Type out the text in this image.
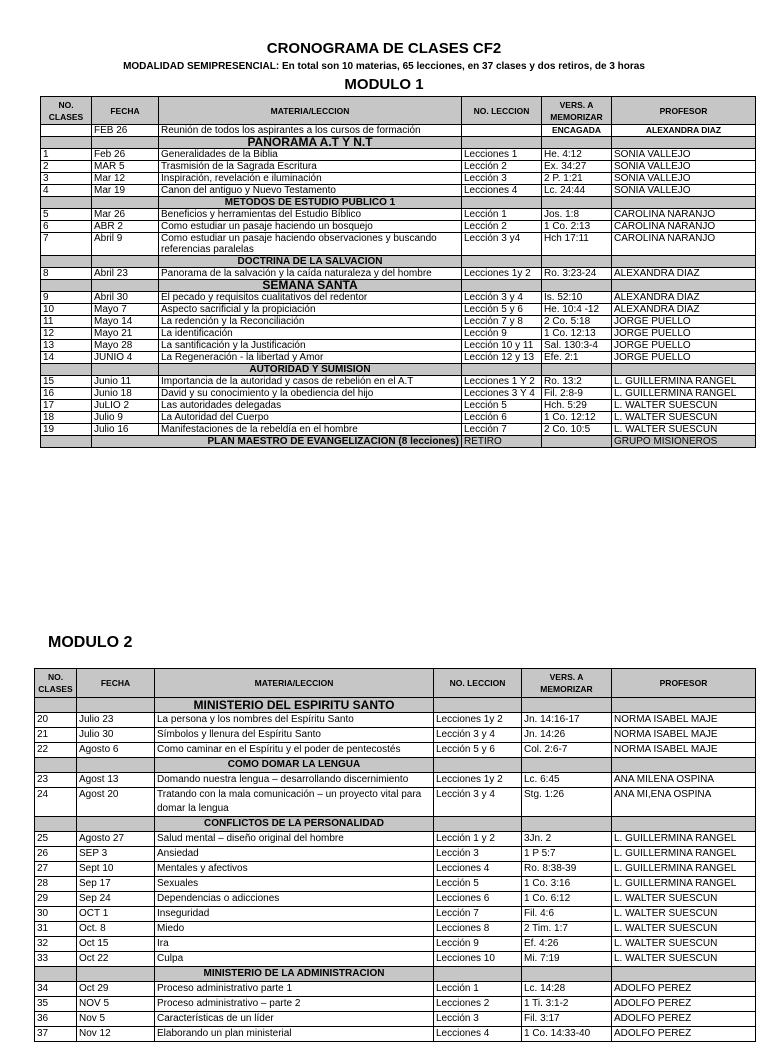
CRONOGRAMA DE CLASES CF2
MODALIDAD SEMIPRESENCIAL: En total son 10 materias, 65 lecciones, en 37 clases y dos retiros, de 3 horas
MODULO 1
NO. CLASES	FECHA	MATERIA/LECCION	NO. LECCION	VERS. A MEMORIZAR	PROFESOR
	FEB 26	Reunión de todos los aspirantes a los cursos de formación		ENCAGADA	ALEXANDRA DIAZ
		PANORAMA A.T Y N.T			
1	Feb 26	Generalidades de la Biblia	Lecciones 1	He. 4:12	SONIA VALLEJO
2	MAR 5	Trasmisión de la Sagrada Escritura	Lección 2	Ex. 34:27	SONIA VALLEJO
3	Mar 12	Inspiración, revelación e iluminación	Lección 3	2 P. 1:21	SONIA VALLEJO
4	Mar 19	Canon del antiguo y Nuevo Testamento	Lecciones 4	Lc. 24:44	SONIA VALLEJO
		METODOS DE ESTUDIO PUBLICO 1			
5	Mar 26	Beneficios y herramientas del Estudio Bíblico	Lección 1	Jos. 1:8	CAROLINA NARANJO
6	ABR 2	Como estudiar un pasaje haciendo un bosquejo	Lección 2	1 Co. 2:13	CAROLINA NARANJO
7	Abril 9	Como estudiar un pasaje haciendo observaciones y buscando referencias paralelas	Lección 3 y4	Hch 17:11	CAROLINA NARANJO
		DOCTRINA DE LA SALVACION			
8	Abril 23	Panorama de la salvación y la caída naturaleza y del hombre	Lecciones 1y 2	Ro. 3:23-24	ALEXANDRA DIAZ
		SEMANA SANTA			
9	Abril 30	El pecado y requisitos cualitativos del redentor	Lección 3 y 4	Is. 52:10	ALEXANDRA DIAZ
10	Mayo 7	Aspecto sacrificial y la propiciación	Lección 5 y 6	He. 10:4 -12	ALEXANDRA DIAZ
11	Mayo 14	La redención y la Reconciliación	Lección 7 y 8	2 Co. 5:18	JORGE PUELLO
12	Mayo 21	La identificación	Lección 9	1 Co. 12:13	JORGE PUELLO
13	Mayo 28	La santificación y la Justificación	Lección 10 y 11	Sal. 130:3-4	JORGE PUELLO
14	JUNIO 4	La Regeneración - la libertad y Amor	Lección 12 y 13	Efe. 2:1	JORGE PUELLO
		AUTORIDAD Y SUMISION			
15	Junio 11	Importancia de la autoridad y casos de rebelión en el A.T	Lecciones 1 Y 2	Ro. 13:2	L. GUILLERMINA RANGEL
16	Junio 18	David y su conocimiento y la obediencia del hijo	Lecciones 3 Y 4	Fil. 2:8-9	L. GUILLERMINA RANGEL
17	JuLIO 2	Las autoridades delegadas	Lección 5	Hch. 5:29	L. WALTER SUESCUN
18	Julio 9	La Autoridad del Cuerpo	Lección 6	1 Co. 12:12	L. WALTER SUESCUN
19	Julio 16	Manifestaciones de la rebeldía en el hombre	Lección 7	2 Co. 10:5	L. WALTER SUESCUN
	PLAN MAESTRO DE EVANGELIZACION (8 lecciones)		RETIRO		GRUPO MISIONEROS
MODULO 2
NO. CLASES	FECHA	MATERIA/LECCION	NO. LECCION	VERS. A MEMORIZAR	PROFESOR
		MINISTERIO DEL ESPIRITU SANTO			
20	Julio 23	La persona y los nombres del Espíritu Santo	Lecciones 1y 2	Jn. 14:16-17	NORMA ISABEL MAJE
21	Julio 30	Símbolos y llenura del Espíritu Santo	Lección 3 y 4	Jn. 14:26	NORMA ISABEL MAJE
22	Agosto 6	Como caminar en el Espíritu y el poder de pentecostés	Lección 5 y 6	Col. 2:6-7	NORMA ISABEL MAJE
		COMO DOMAR LA LENGUA			
23	Agost 13	Domando nuestra lengua – desarrollando discernimiento	Lecciones 1y 2	Lc. 6:45	ANA MILENA OSPINA
24	Agost 20	Tratando con la mala comunicación – un proyecto vital para domar la lengua	Lección 3 y 4	Stg. 1:26	ANA MI,ENA OSPINA
		CONFLICTOS DE LA PERSONALIDAD			
25	Agosto 27	Salud mental – diseño original del hombre	Lección 1 y 2	3Jn. 2	L. GUILLERMINA RANGEL
26	SEP 3	Ansiedad	Lección 3	1 P 5:7	L. GUILLERMINA RANGEL
27	Sept 10	Mentales y afectivos	Lecciones 4	Ro. 8:38-39	L. GUILLERMINA RANGEL
28	Sep 17	Sexuales	Lección 5	1 Co. 3:16	L. GUILLERMINA RANGEL
29	Sep 24	Dependencias o adicciones	Lecciones 6	1 Co. 6:12	L. WALTER SUESCUN
30	OCT 1	Inseguridad	Lección 7	Fil. 4:6	L. WALTER SUESCUN
31	Oct. 8	Miedo	Lecciones 8	2 Tim. 1:7	L. WALTER SUESCUN
32	Oct 15	Ira	Lección 9	Ef. 4:26	L. WALTER SUESCUN
33	Oct 22	Culpa	Lecciones 10	Mi. 7:19	L. WALTER SUESCUN
		MINISTERIO DE LA ADMINISTRACION			
34	Oct 29	Proceso administrativo parte 1	Lección 1	Lc. 14:28	ADOLFO PEREZ
35	NOV 5	Proceso administrativo – parte 2	Lecciones 2	1 Ti. 3:1-2	ADOLFO PEREZ
36	Nov 5	Características de un líder	Lección 3	Fil. 3:17	ADOLFO PEREZ
37	Nov 12	Elaborando un plan ministerial	Lecciones 4	1 Co. 14:33-40	ADOLFO PEREZ
